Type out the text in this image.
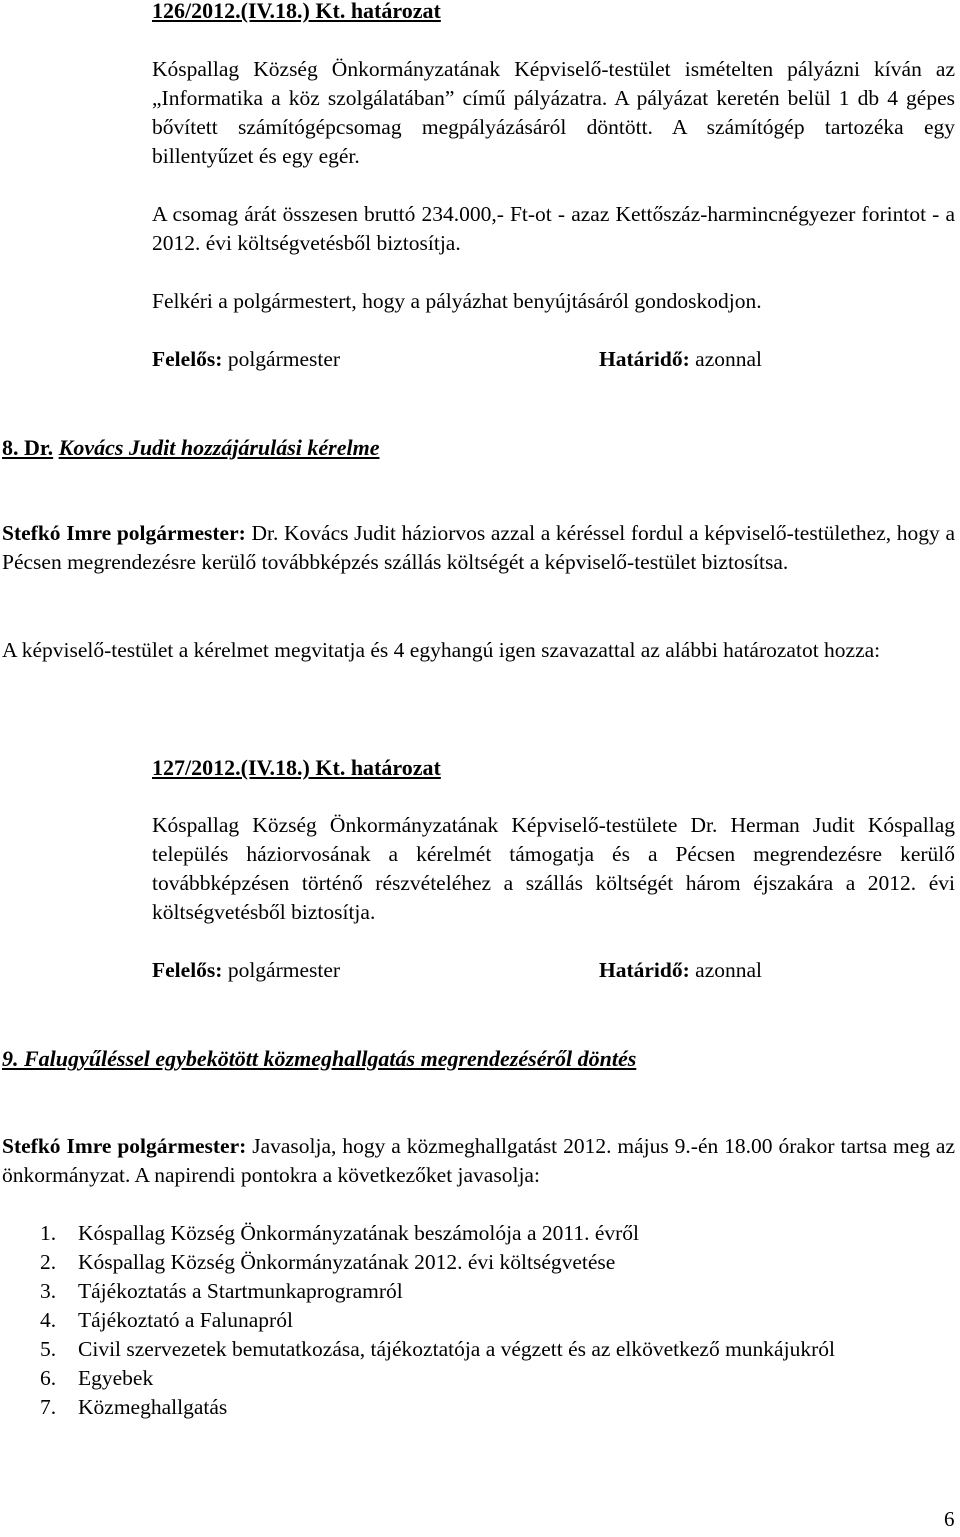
126/2012.(IV.18.) Kt. határozat
Kóspallag Község Önkormányzatának Képviselő-testület ismételten pályázni kíván az „Informatika a köz szolgálatában” című pályázatra. A pályázat keretén belül 1 db 4 gépes bővített számítógépcsomag megpályázásáról döntött. A számítógép tartozéka egy billentyűzet és egy egér.
A csomag árát összesen bruttó 234.000,- Ft-ot - azaz Kettőszáz-harmincnégyezer forintot - a 2012. évi költségvetésből biztosítja.
Felkéri a polgármestert, hogy a pályázhat benyújtásáról gondoskodjon.
Felelős: polgármester	Határidő: azonnal
8. Dr. Kovács Judit hozzájárulási kérelme
Stefkó Imre polgármester: Dr. Kovács Judit háziorvos azzal a kéréssel fordul a képviselő-testülethez, hogy a Pécsen megrendezésre kerülő továbbképzés szállás költségét a képviselő-testület biztosítsa.
A képviselő-testület a kérelmet megvitatja és 4 egyhangú igen szavazattal az alábbi határozatot hozza:
127/2012.(IV.18.) Kt. határozat
Kóspallag Község Önkormányzatának Képviselő-testülete Dr. Herman Judit Kóspallag település háziorvosának a kérelmét támogatja és a Pécsen megrendezésre kerülő továbbképzésen történő részvételéhez a szállás költségét három éjszakára a 2012. évi költségvetésből biztosítja.
Felelős: polgármester	Határidő: azonnal
9. Falugyűléssel egybekötött közmeghallgatás megrendezéséről döntés
Stefkó Imre polgármester: Javasolja, hogy a közmeghallgatást 2012. május 9.-én 18.00 órakor tartsa meg az önkormányzat. A napirendi pontokra a következőket javasolja:
1. Kóspallag Község Önkormányzatának beszámolója a 2011. évről
2. Kóspallag Község Önkormányzatának 2012. évi költségvetése
3. Tájékoztatás a Startmunkaprogramról
4. Tájékoztató a Falunapról
5. Civil szervezetek bemutatkozása, tájékoztatója a végzett és az elkövetkező munkájukról
6. Egyebek
7. Közmeghallgatás
6
